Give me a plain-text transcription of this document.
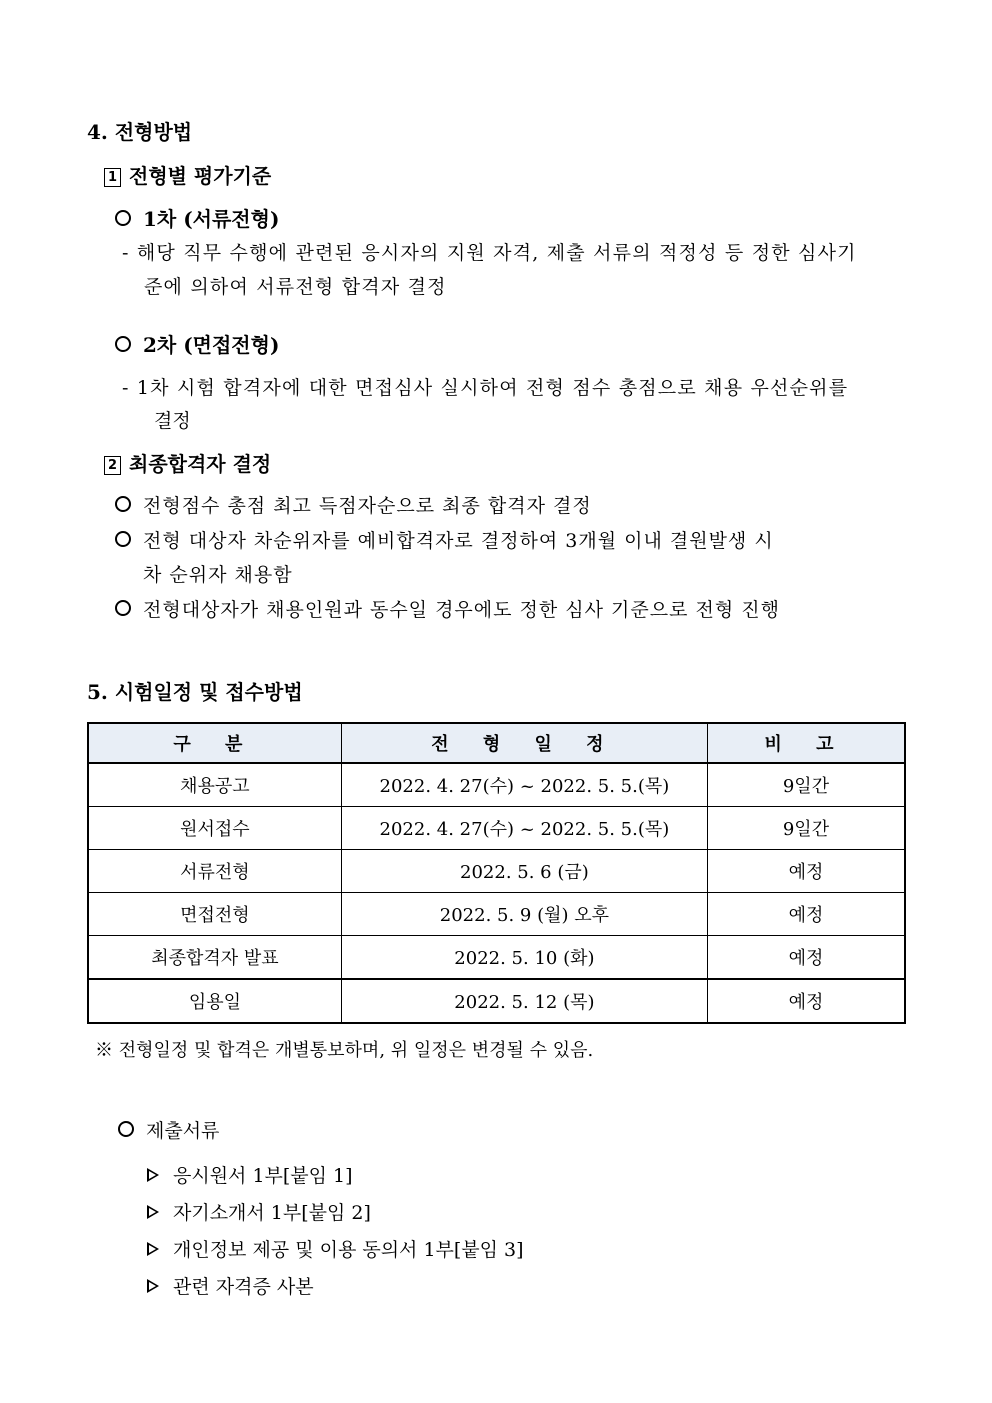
4. 전형방법
1 전형별 평가기준
1차 (서류전형)
- 해당 직무 수행에 관련된 응시자의 지원 자격, 제출 서류의 적정성 등 정한 심사기
준에 의하여 서류전형 합격자 결정
2차 (면접전형)
- 1차 시험 합격자에 대한 면접심사 실시하여 전형 점수 총점으로 채용 우선순위를
결정
2 최종합격자 결정
전형점수 총점 최고 득점자순으로 최종 합격자 결정
전형 대상자 차순위자를 예비합격자로 결정하여 3개월 이내 결원발생 시
차 순위자 채용함
전형대상자가 채용인원과 동수일 경우에도 정한 심사 기준으로 전형 진행
5. 시험일정 및 접수방법
구 분	전 형 일 정	비 고
채용공고	2022. 4. 27(수) ~ 2022. 5. 5.(목)	9일간
원서접수	2022. 4. 27(수) ~ 2022. 5. 5.(목)	9일간
서류전형	2022. 5. 6 (금)	예정
면접전형	2022. 5. 9 (월) 오후	예정
최종합격자 발표	2022. 5. 10 (화)	예정
임용일	2022. 5. 12 (목)	예정
※ 전형일정 및 합격은 개별통보하며, 위 일정은 변경될 수 있음.
제출서류
응시원서 1부[붙임 1]
자기소개서 1부[붙임 2]
개인정보 제공 및 이용 동의서 1부[붙임 3]
관련 자격증 사본
